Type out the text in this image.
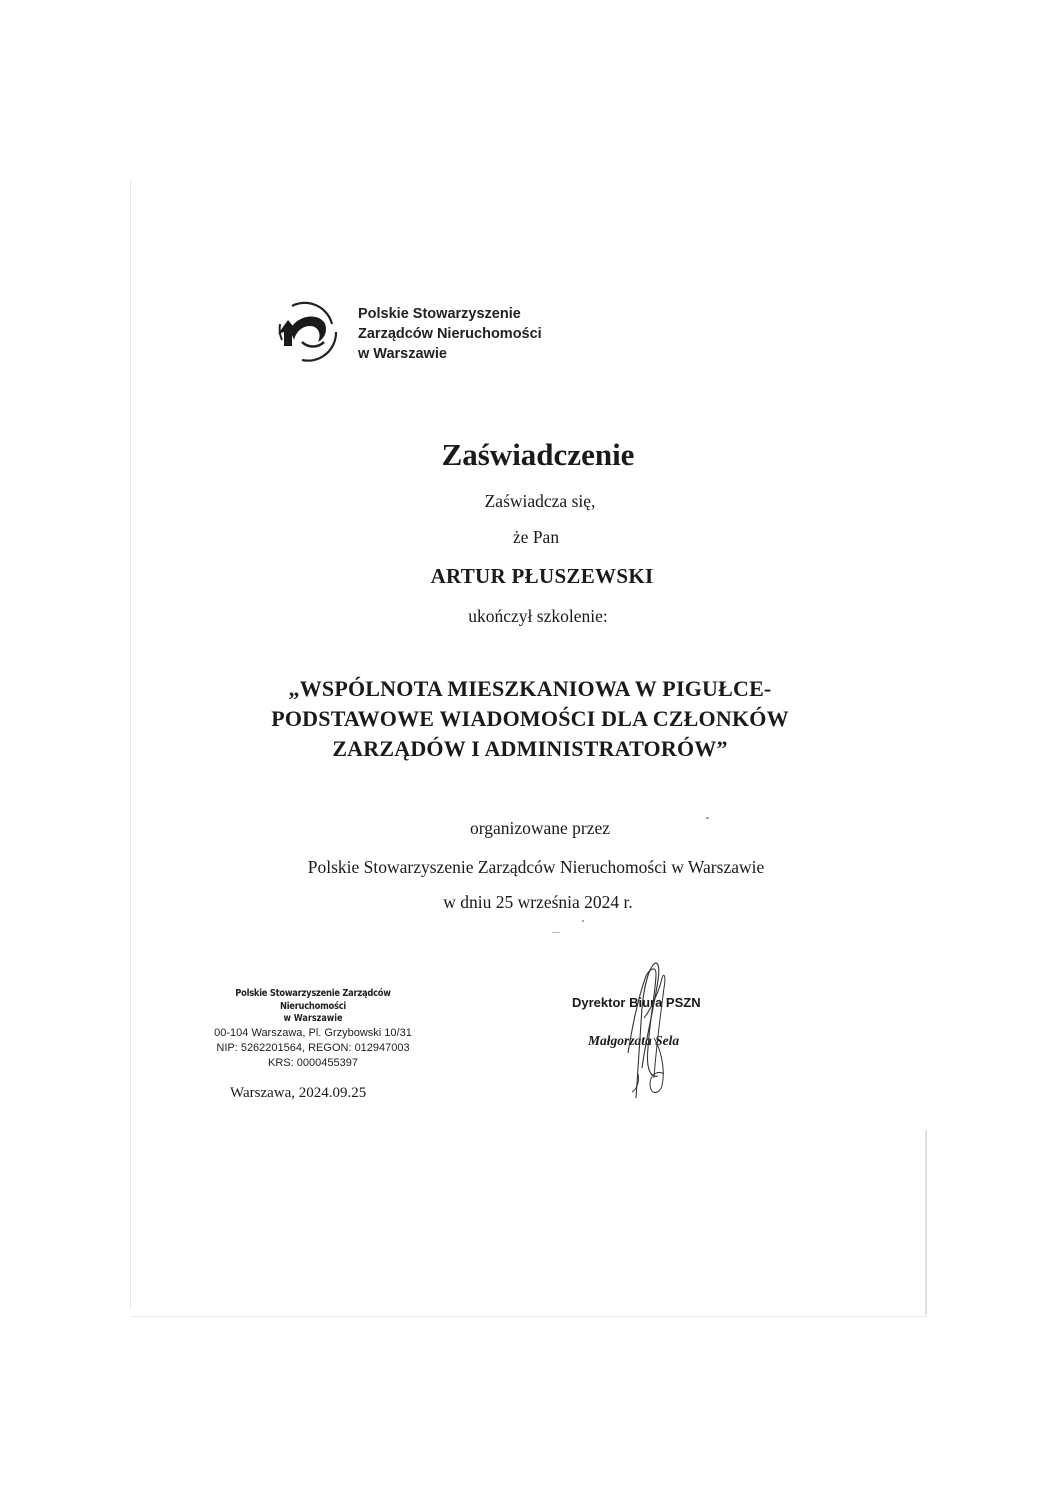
Polskie Stowarzyszenie
Zarządców Nieruchomości
w Warszawie
Zaświadczenie
Zaświadcza się,
że Pan
ARTUR PŁUSZEWSKI
ukończył szkolenie:
„WSPÓLNOTA MIESZKANIOWA W PIGUŁCE-
PODSTAWOWE WIADOMOŚCI DLA CZŁONKÓW
ZARZĄDÓW I ADMINISTRATORÓW”
organizowane przez
Polskie Stowarzyszenie Zarządców Nieruchomości w Warszawie
w dniu 25 września 2024 r.
Polskie Stowarzyszenie Zarządców Nieruchomości
w Warszawie
00-104 Warszawa, Pl. Grzybowski 10/31
NIP: 5262201564, REGON: 012947003
KRS: 0000455397
Warszawa, 2024.09.25
Dyrektor Biura PSZN
Małgorzata Sela
